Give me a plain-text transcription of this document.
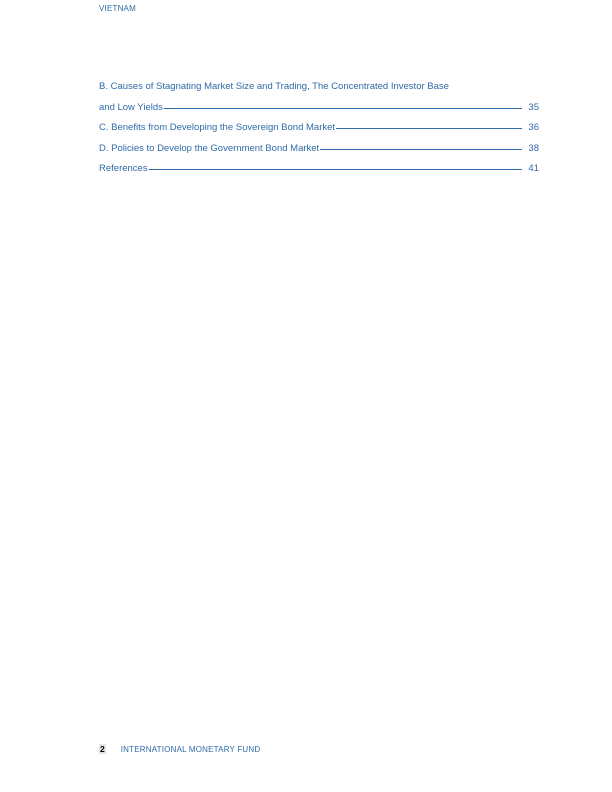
VIETNAM
B. Causes of Stagnating Market Size and Trading, The Concentrated Investor Base
and Low Yields	35
C. Benefits from Developing the Sovereign Bond Market	36
D. Policies to Develop the Government Bond Market	38
References	41
2 INTERNATIONAL MONETARY FUND
